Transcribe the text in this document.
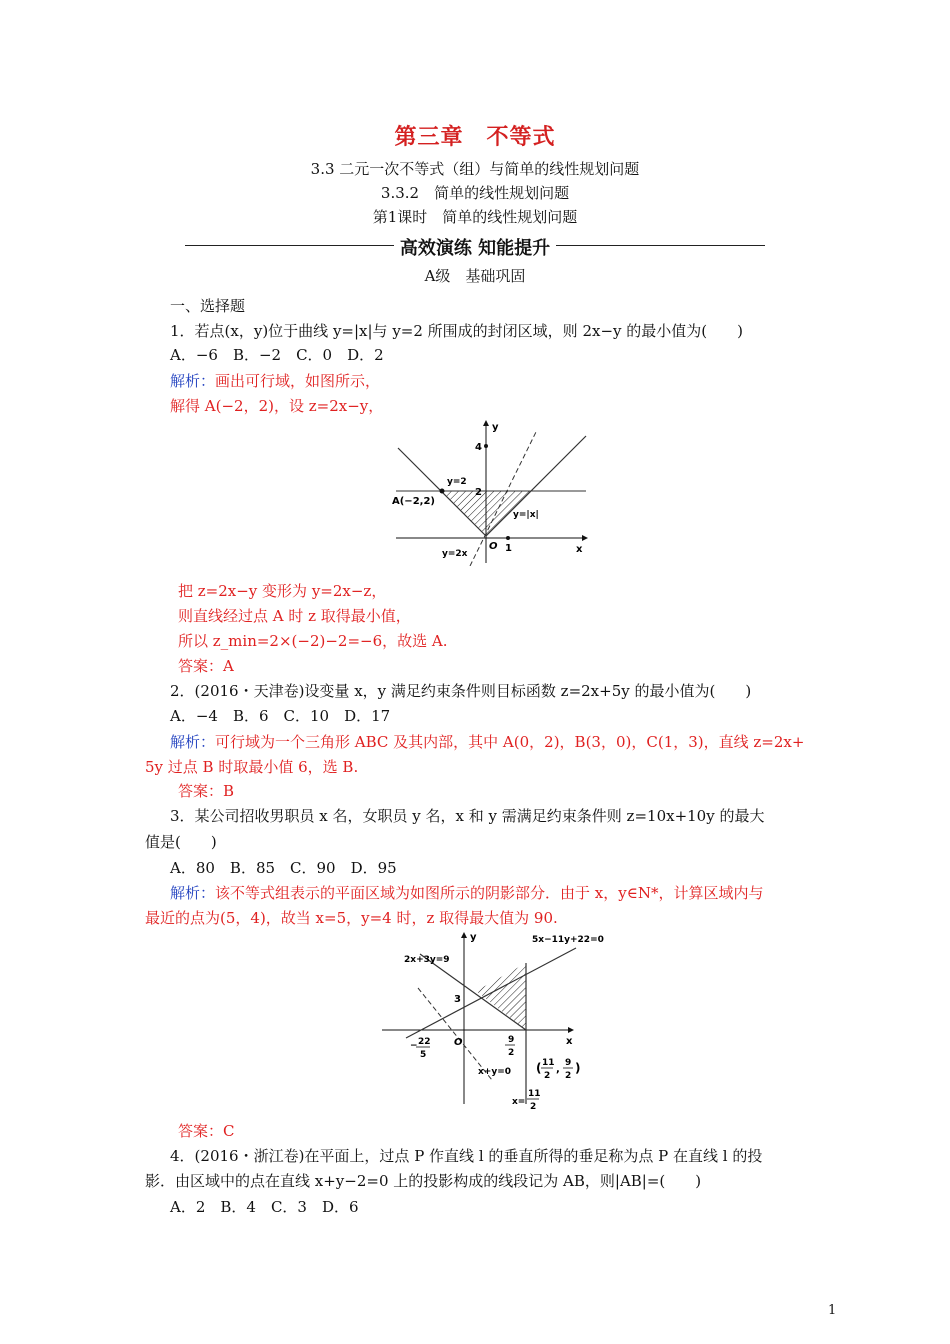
第三章　不等式
3.3 二元一次不等式（组）与简单的线性规划问题
3.3.2　简单的线性规划问题
第1课时　简单的线性规划问题
高效演练 知能提升
A级　基础巩固
一、选择题
1．若点(x，y)位于曲线 y=|x|与 y=2 所围成的封闭区域，则 2x−y 的最小值为(　　)
A．−6　B．−2　C．0　D．2
解析：画出可行域，如图所示，
解得 A(−2，2)，设 z=2x−y，
y
x
4
2
1
O
y=2
A(−2,2)
y=|x|
y=2x
把 z=2x−y 变形为 y=2x−z，
则直线经过点 A 时 z 取得最小值，
所以 z_min=2×(−2)−2=−6，故选 A.
答案：A
2．(2016・天津卷)设变量 x，y 满足约束条件则目标函数 z=2x+5y 的最小值为(　　)
A．−4　B．6　C．10　D．17
解析：可行域为一个三角形 ABC 及其内部，其中 A(0，2)，B(3，0)，C(1，3)，直线 z=2x+
5y 过点 B 时取最小值 6，选 B.
答案：B
3．某公司招收男职员 x 名，女职员 y 名，x 和 y 需满足约束条件则 z=10x+10y 的最大
值是(　　)
A．80　B．85　C．90　D．95
解析：该不等式组表示的平面区域为如图所示的阴影部分．由于 x，y∈N*，计算区域内与
最近的点为(5，4)，故当 x=5，y=4 时，z 取得最大值为 90.
y
x
5x−11y+22=0
2x+3y=9
3
O
− 22
5
9
2
x+y=0 ( 11
2
,
9
2
)
x=
11
2
答案：C
4．(2016・浙江卷)在平面上，过点 P 作直线 l 的垂直所得的垂足称为点 P 在直线 l 的投
影．由区域中的点在直线 x+y−2=0 上的投影构成的线段记为 AB，则|AB|=(　　)
A．2　B．4　C．3　D．6
1
